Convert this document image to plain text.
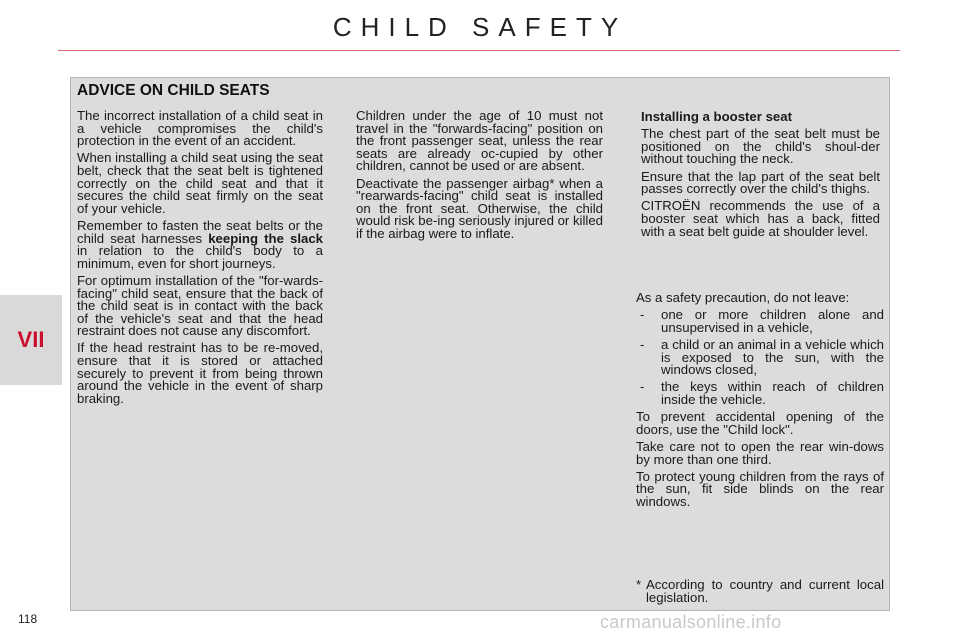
CHILD SAFETY
VII
ADVICE ON CHILD SEATS

The incorrect installation of a child seat in a vehicle compromises the child's protection in the event of an accident.

When installing a child seat using the seat belt, check that the seat belt is tightened correctly on the child seat and that it secures the child seat firmly on the seat of your vehicle.

Remember to fasten the seat belts or the child seat harnesses keeping the slack in relation to the child's body to a minimum, even for short journeys.

For optimum installation of the "for-wards-facing" child seat, ensure that the back of the child seat is in contact with the back of the vehicle's seat and that the head restraint does not cause any discomfort.

If the head restraint has to be re-moved, ensure that it is stored or attached securely to prevent it from being thrown around the vehicle in the event of sharp braking.

Children under the age of 10 must not travel in the "forwards-facing" position on the front passenger seat, unless the rear seats are already oc-cupied by other children, cannot be used or are absent.

Deactivate the passenger airbag* when a "rearwards-facing" child seat is installed on the front seat. Otherwise, the child would risk be-ing seriously injured or killed if the airbag were to inflate.

Installing a booster seat

The chest part of the seat belt must be positioned on the child's shoul-der without touching the neck.

Ensure that the lap part of the seat belt passes correctly over the child's thighs.

CITROËN recommends the use of a booster seat which has a back, fitted with a seat belt guide at shoulder level.

As a safety precaution, do not leave:

- one or more children alone and unsupervised in a vehicle,
- a child or an animal in a vehicle which is exposed to the sun, with the windows closed,
- the keys within reach of children inside the vehicle.

To prevent accidental opening of the doors, use the "Child lock".

Take care not to open the rear win-dows by more than one third.

To protect young children from the rays of the sun, fit side blinds on the rear windows.

* According to country and current local legislation.
118	carmanualsonline.info
